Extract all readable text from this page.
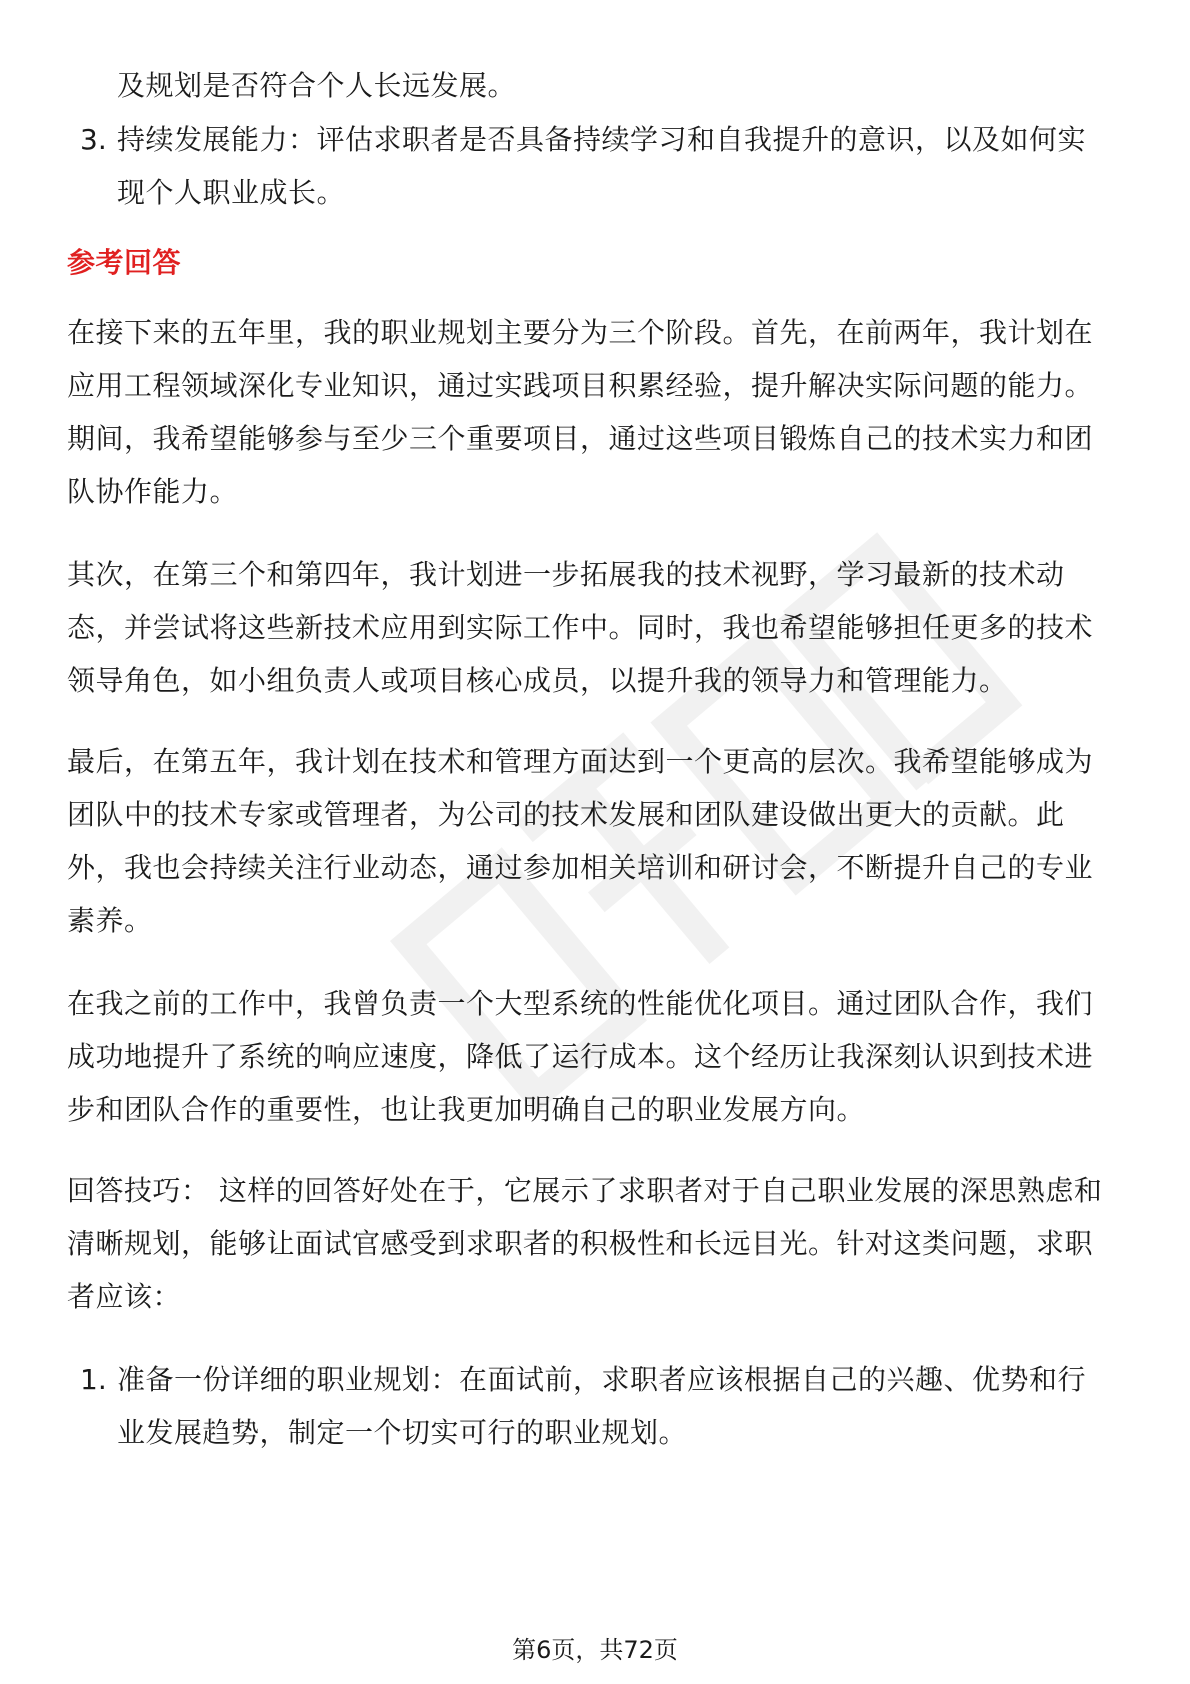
及规划是否符合个人长远发展。
3. 持续发展能力：评估求职者是否具备持续学习和自我提升的意识，以及如何实
现个人职业成长。
参考回答
在接下来的五年里，我的职业规划主要分为三个阶段。首先，在前两年，我计划在
应用工程领域深化专业知识，通过实践项目积累经验，提升解决实际问题的能力。
期间，我希望能够参与至少三个重要项目，通过这些项目锻炼自己的技术实力和团
队协作能力。
其次，在第三个和第四年，我计划进一步拓展我的技术视野，学习最新的技术动
态，并尝试将这些新技术应用到实际工作中。同时，我也希望能够担任更多的技术
领导角色，如小组负责人或项目核心成员，以提升我的领导力和管理能力。
最后，在第五年，我计划在技术和管理方面达到一个更高的层次。我希望能够成为
团队中的技术专家或管理者，为公司的技术发展和团队建设做出更大的贡献。此
外，我也会持续关注行业动态，通过参加相关培训和研讨会，不断提升自己的专业
素养。
在我之前的工作中，我曾负责一个大型系统的性能优化项目。通过团队合作，我们
成功地提升了系统的响应速度，降低了运行成本。这个经历让我深刻认识到技术进
步和团队合作的重要性，也让我更加明确自己的职业发展方向。
回答技巧： 这样的回答好处在于，它展示了求职者对于自己职业发展的深思熟虑和
清晰规划，能够让面试官感受到求职者的积极性和长远目光。针对这类问题，求职
者应该：
1. 准备一份详细的职业规划：在面试前，求职者应该根据自己的兴趣、优势和行
业发展趋势，制定一个切实可行的职业规划。
第6页，共72页
